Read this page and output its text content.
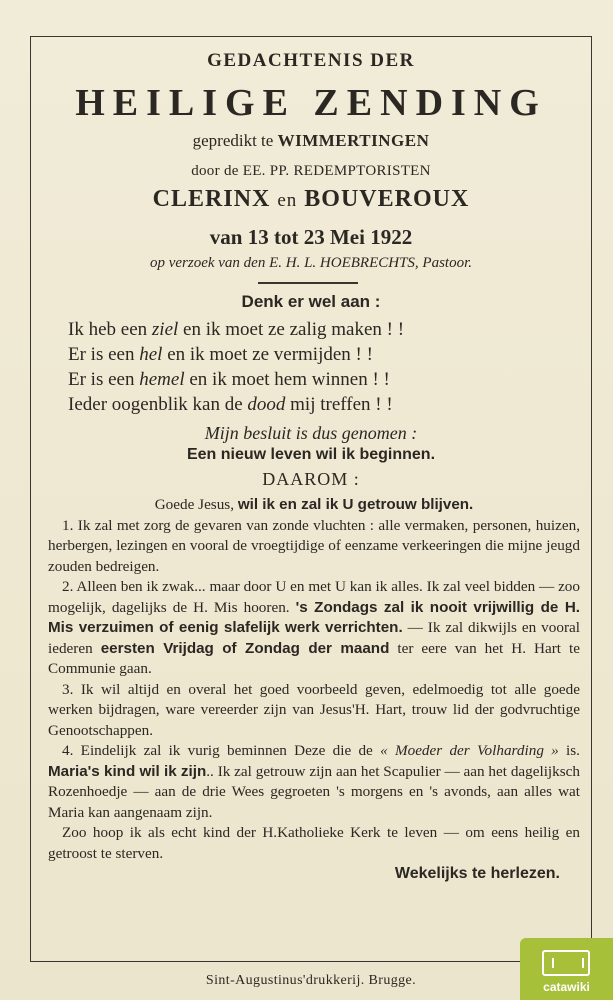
GEDACHTENIS DER
HEILIGE ZENDING
gepredikt te WIMMERTINGEN
door de EE. PP. REDEMPTORISTEN
CLERINX en BOUVEROUX
van 13 tot 23 Mei 1922
op verzoek van den E. H. L. HOEBRECHTS, Pastoor.
Denk er wel aan :
Ik heb een ziel en ik moet ze zalig maken ! !
Er is een hel en ik moet ze vermijden ! !
Er is een hemel en ik moet hem winnen ! !
Ieder oogenblik kan de dood mij treffen ! !
Mijn besluit is dus genomen :
Een nieuw leven wil ik beginnen.
DAAROM :

Goede Jesus, wil ik en zal ik U getrouw blijven.

1. Ik zal met zorg de gevaren van zonde vluchten : alle vermaken, personen, huizen, herbergen, lezingen en vooral de vroegtijdige of eenzame verkeeringen die mijne jeugd zouden bedreigen.

2. Alleen ben ik zwak... maar door U en met U kan ik alles. Ik zal veel bidden — zoo mogelijk, dagelijks de H. Mis hooren. 's Zondags zal ik nooit vrijwillig de H. Mis verzuimen of eenig slafelijk werk verrichten. — Ik zal dikwijls en vooral iederen eersten Vrijdag of Zondag der maand ter eere van het H. Hart te Communie gaan.

3. Ik wil altijd en overal het goed voorbeeld geven, edelmoedig tot alle goede werken bijdragen, ware vereerder zijn van Jesus'H. Hart, trouw lid der godvruchtige Genootschappen.

4. Eindelijk zal ik vurig beminnen Deze die de « Moeder der Volharding » is. Maria's kind wil ik zijn.. Ik zal getrouw zijn aan het Scapulier — aan het dagelijksch Rozenhoedje — aan de drie Wees gegroeten 's morgens en 's avonds, aan alles wat Maria kan aangenaam zijn.

Zoo hoop ik als echt kind der H.Katholieke Kerk te leven — om eens heilig en getroost te sterven.

Wekelijks te herlezen.

Sint-Augustinus'drukkerij. Brugge.	catawiki
